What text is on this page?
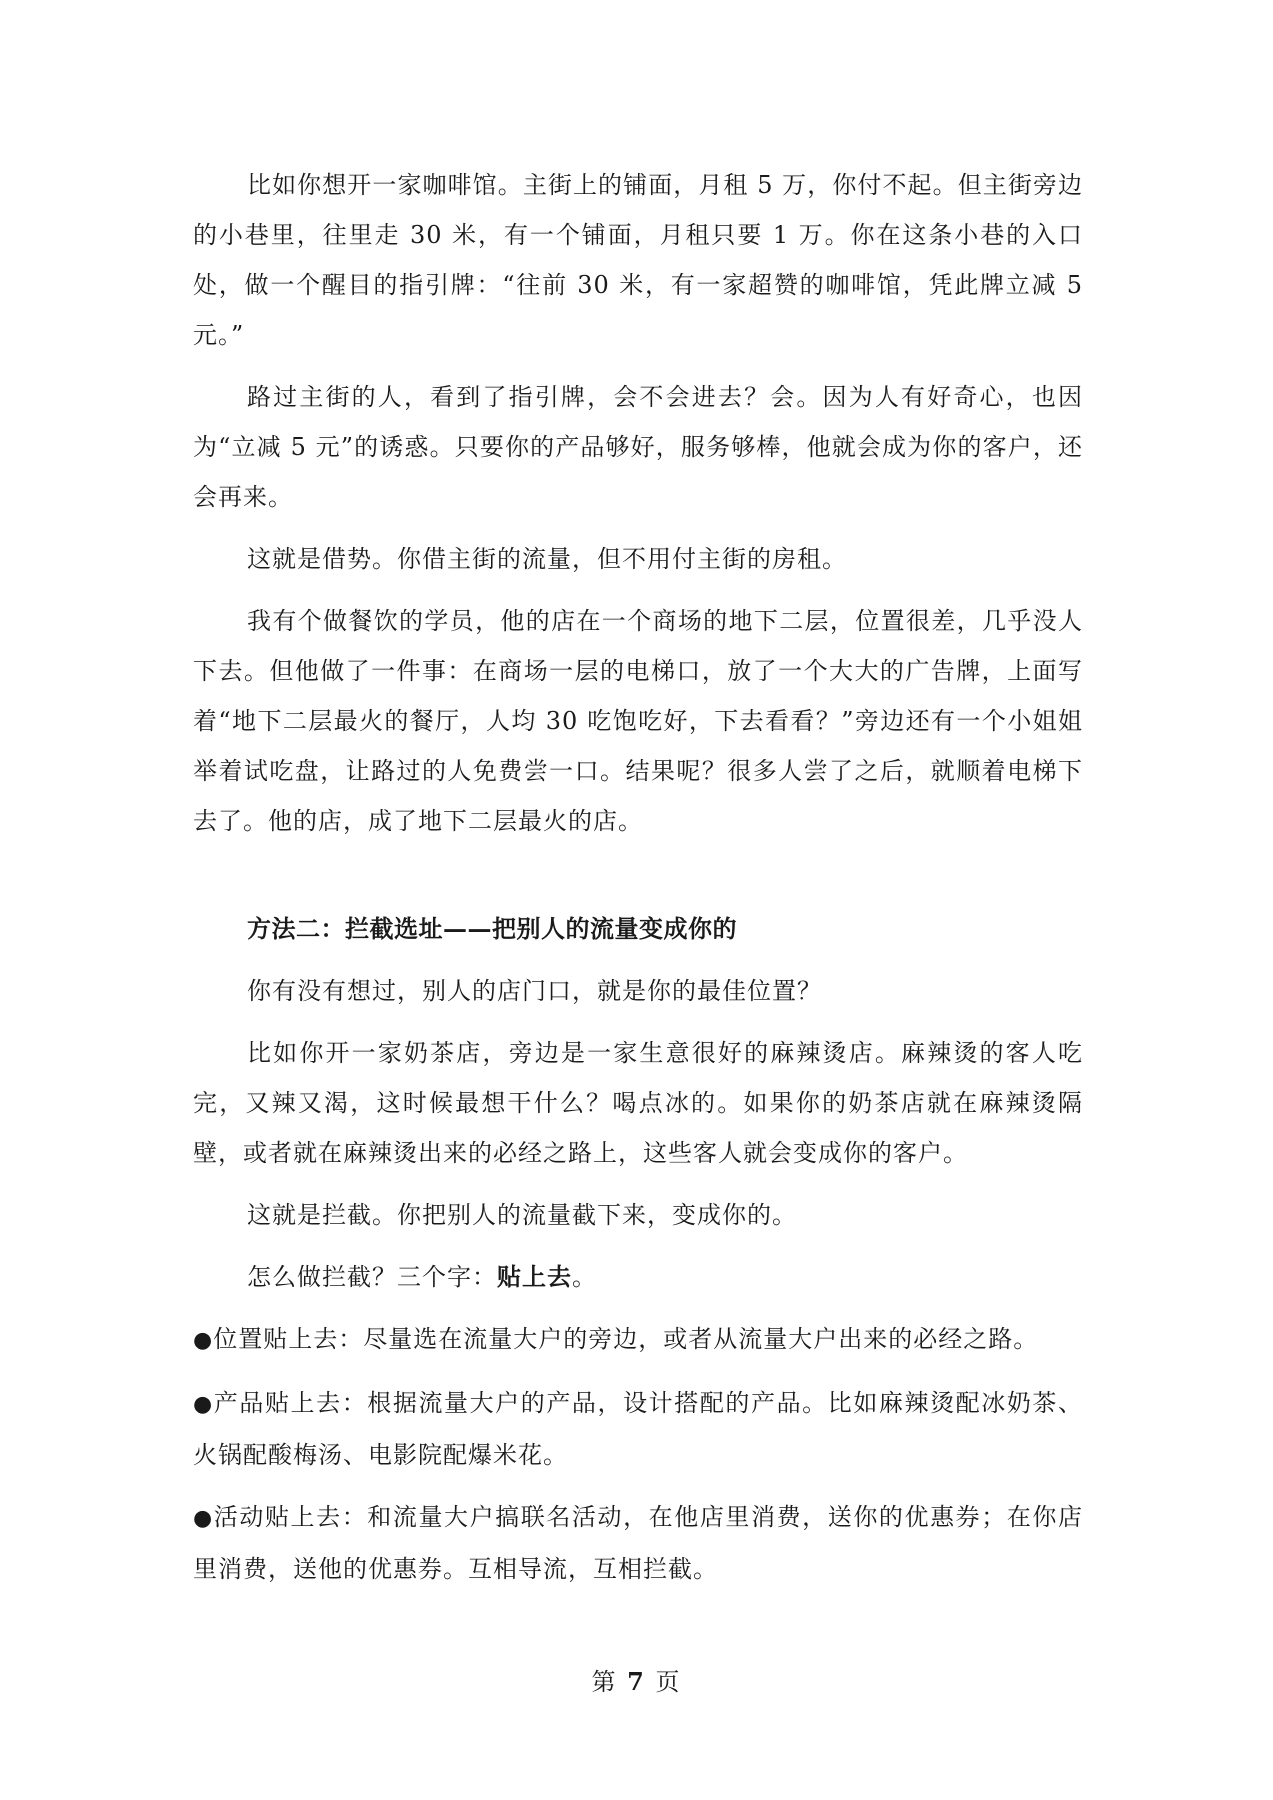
比如你想开一家咖啡馆。主街上的铺面，月租 5 万，你付不起。但主街旁边的小巷里，往里走 30 米，有一个铺面，月租只要 1 万。你在这条小巷的入口处，做一个醒目的指引牌：“往前 30 米，有一家超赞的咖啡馆，凭此牌立减 5 元。”

路过主街的人，看到了指引牌，会不会进去？会。因为人有好奇心，也因为“立减 5 元”的诱惑。只要你的产品够好，服务够棒，他就会成为你的客户，还会再来。

这就是借势。你借主街的流量，但不用付主街的房租。

我有个做餐饮的学员，他的店在一个商场的地下二层，位置很差，几乎没人下去。但他做了一件事：在商场一层的电梯口，放了一个大大的广告牌，上面写着“地下二层最火的餐厅，人均 30 吃饱吃好，下去看看？”旁边还有一个小姐姐举着试吃盘，让路过的人免费尝一口。结果呢？很多人尝了之后，就顺着电梯下去了。他的店，成了地下二层最火的店。

方法二：拦截选址——把别人的流量变成你的

你有没有想过，别人的店门口，就是你的最佳位置？

比如你开一家奶茶店，旁边是一家生意很好的麻辣烫店。麻辣烫的客人吃完，又辣又渴，这时候最想干什么？喝点冰的。如果你的奶茶店就在麻辣烫隔壁，或者就在麻辣烫出来的必经之路上，这些客人就会变成你的客户。

这就是拦截。你把别人的流量截下来，变成你的。

怎么做拦截？三个字：贴上去。

●位置贴上去：尽量选在流量大户的旁边，或者从流量大户出来的必经之路。

●产品贴上去：根据流量大户的产品，设计搭配的产品。比如麻辣烫配冰奶茶、火锅配酸梅汤、电影院配爆米花。

●活动贴上去：和流量大户搞联名活动，在他店里消费，送你的优惠券；在你店里消费，送他的优惠券。互相导流，互相拦截。

第 7 页
